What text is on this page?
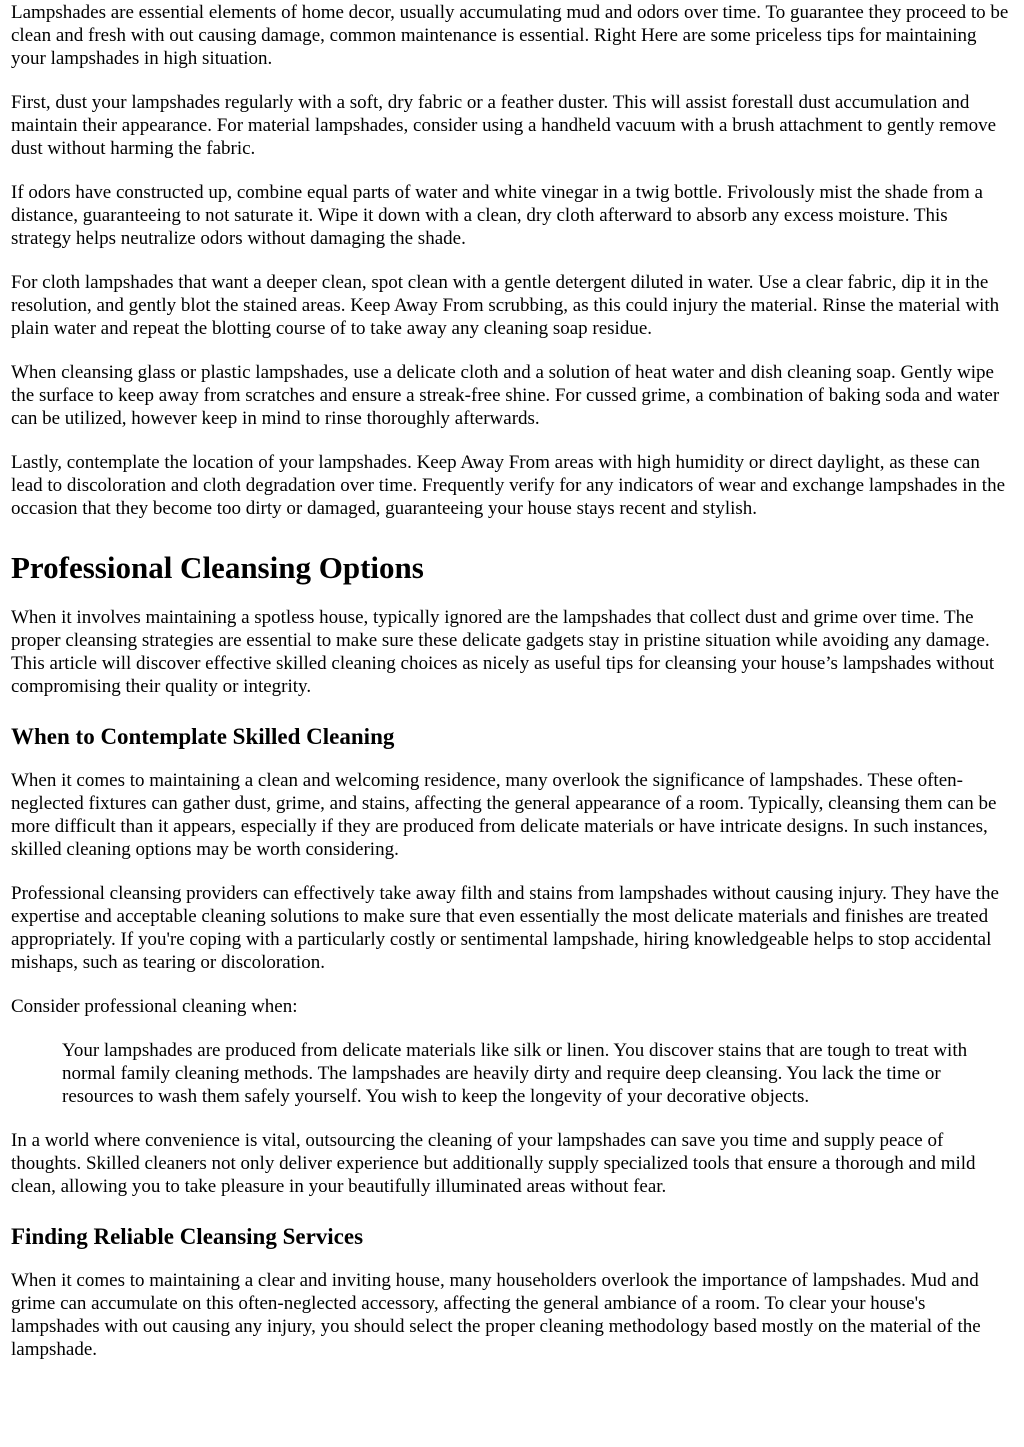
Lampshades are essential elements of home decor, usually accumulating mud and odors over time. To guarantee they proceed to be clean and fresh with out causing damage, common maintenance is essential. Right Here are some priceless tips for maintaining your lampshades in high situation.

First, dust your lampshades regularly with a soft, dry fabric or a feather duster. This will assist forestall dust accumulation and maintain their appearance. For material lampshades, consider using a handheld vacuum with a brush attachment to gently remove dust without harming the fabric.

If odors have constructed up, combine equal parts of water and white vinegar in a twig bottle. Frivolously mist the shade from a distance, guaranteeing to not saturate it. Wipe it down with a clean, dry cloth afterward to absorb any excess moisture. This strategy helps neutralize odors without damaging the shade.

For cloth lampshades that want a deeper clean, spot clean with a gentle detergent diluted in water. Use a clear fabric, dip it in the resolution, and gently blot the stained areas. Keep Away From scrubbing, as this could injury the material. Rinse the material with plain water and repeat the blotting course of to take away any cleaning soap residue.

When cleansing glass or plastic lampshades, use a delicate cloth and a solution of heat water and dish cleaning soap. Gently wipe the surface to keep away from scratches and ensure a streak-free shine. For cussed grime, a combination of baking soda and water can be utilized, however keep in mind to rinse thoroughly afterwards.

Lastly, contemplate the location of your lampshades. Keep Away From areas with high humidity or direct daylight, as these can lead to discoloration and cloth degradation over time. Frequently verify for any indicators of wear and exchange lampshades in the occasion that they become too dirty or damaged, guaranteeing your house stays recent and stylish.

Professional Cleansing Options

When it involves maintaining a spotless house, typically ignored are the lampshades that collect dust and grime over time. The proper cleansing strategies are essential to make sure these delicate gadgets stay in pristine situation while avoiding any damage. This article will discover effective skilled cleaning choices as nicely as useful tips for cleansing your house’s lampshades without compromising their quality or integrity.

When to Contemplate Skilled Cleaning

When it comes to maintaining a clean and welcoming residence, many overlook the significance of lampshades. These often-neglected fixtures can gather dust, grime, and stains, affecting the general appearance of a room. Typically, cleansing them can be more difficult than it appears, especially if they are produced from delicate materials or have intricate designs. In such instances, skilled cleaning options may be worth considering.

Professional cleansing providers can effectively take away filth and stains from lampshades without causing injury. They have the expertise and acceptable cleaning solutions to make sure that even essentially the most delicate materials and finishes are treated appropriately. If you're coping with a particularly costly or sentimental lampshade, hiring knowledgeable helps to stop accidental mishaps, such as tearing or discoloration.

Consider professional cleaning when:

Your lampshades are produced from delicate materials like silk or linen. You discover stains that are tough to treat with normal family cleaning methods. The lampshades are heavily dirty and require deep cleansing. You lack the time or resources to wash them safely yourself. You wish to keep the longevity of your decorative objects.

In a world where convenience is vital, outsourcing the cleaning of your lampshades can save you time and supply peace of thoughts. Skilled cleaners not only deliver experience but additionally supply specialized tools that ensure a thorough and mild clean, allowing you to take pleasure in your beautifully illuminated areas without fear.

Finding Reliable Cleansing Services

When it comes to maintaining a clear and inviting house, many householders overlook the importance of lampshades. Mud and grime can accumulate on this often-neglected accessory, affecting the general ambiance of a room. To clear your house's lampshades with out causing any injury, you should select the proper cleaning methodology based mostly on the material of the lampshade.
